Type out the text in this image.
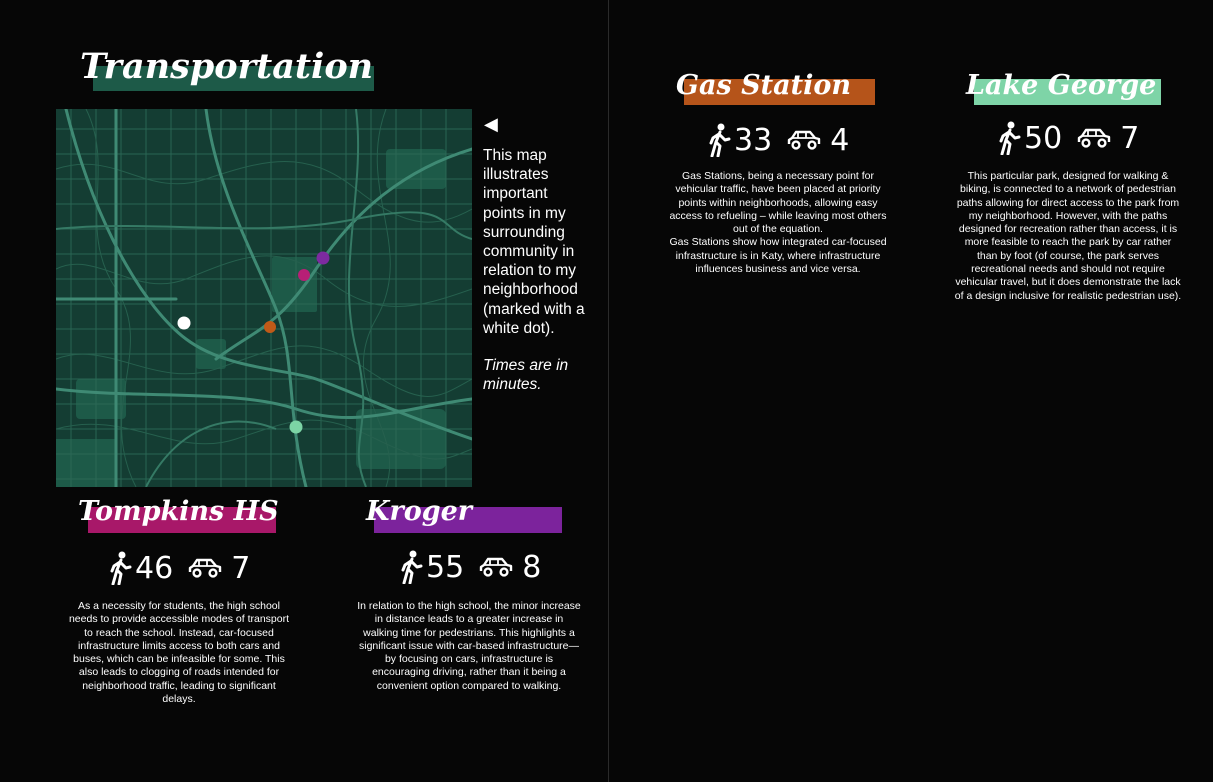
Transportation
◀
This map illustrates important points in my surrounding community in relation to my neighborhood (marked with a white dot).
Times are in minutes.
Gas Station
33 4
Gas Stations, being a necessary point for vehicular traffic, have been placed at priority points within neighborhoods, allowing easy access to refueling – while leaving most others out of the equation.
Gas Stations show how integrated car-focused infrastructure is in Katy, where infrastructure influences business and vice versa.
Lake George
50 7
This particular park, designed for walking & biking, is connected to a network of pedestrian paths allowing for direct access to the park from my neighborhood. However, with the paths designed for recreation rather than access, it is more feasible to reach the park by car rather than by foot (of course, the park serves recreational needs and should not require vehicular travel, but it does demonstrate the lack of a design inclusive for realistic pedestrian use).
Tompkins HS
46 7
As a necessity for students, the high school needs to provide accessible modes of transport to reach the school. Instead, car-focused infrastructure limits access to both cars and buses, which can be infeasible for some. This also leads to clogging of roads intended for neighborhood traffic, leading to significant delays.
Kroger
55 8
In relation to the high school, the minor increase in distance leads to a greater increase in walking time for pedestrians. This highlights a significant issue with car-based infrastructure—by focusing on cars, infrastructure is encouraging driving, rather than it being a convenient option compared to walking.
